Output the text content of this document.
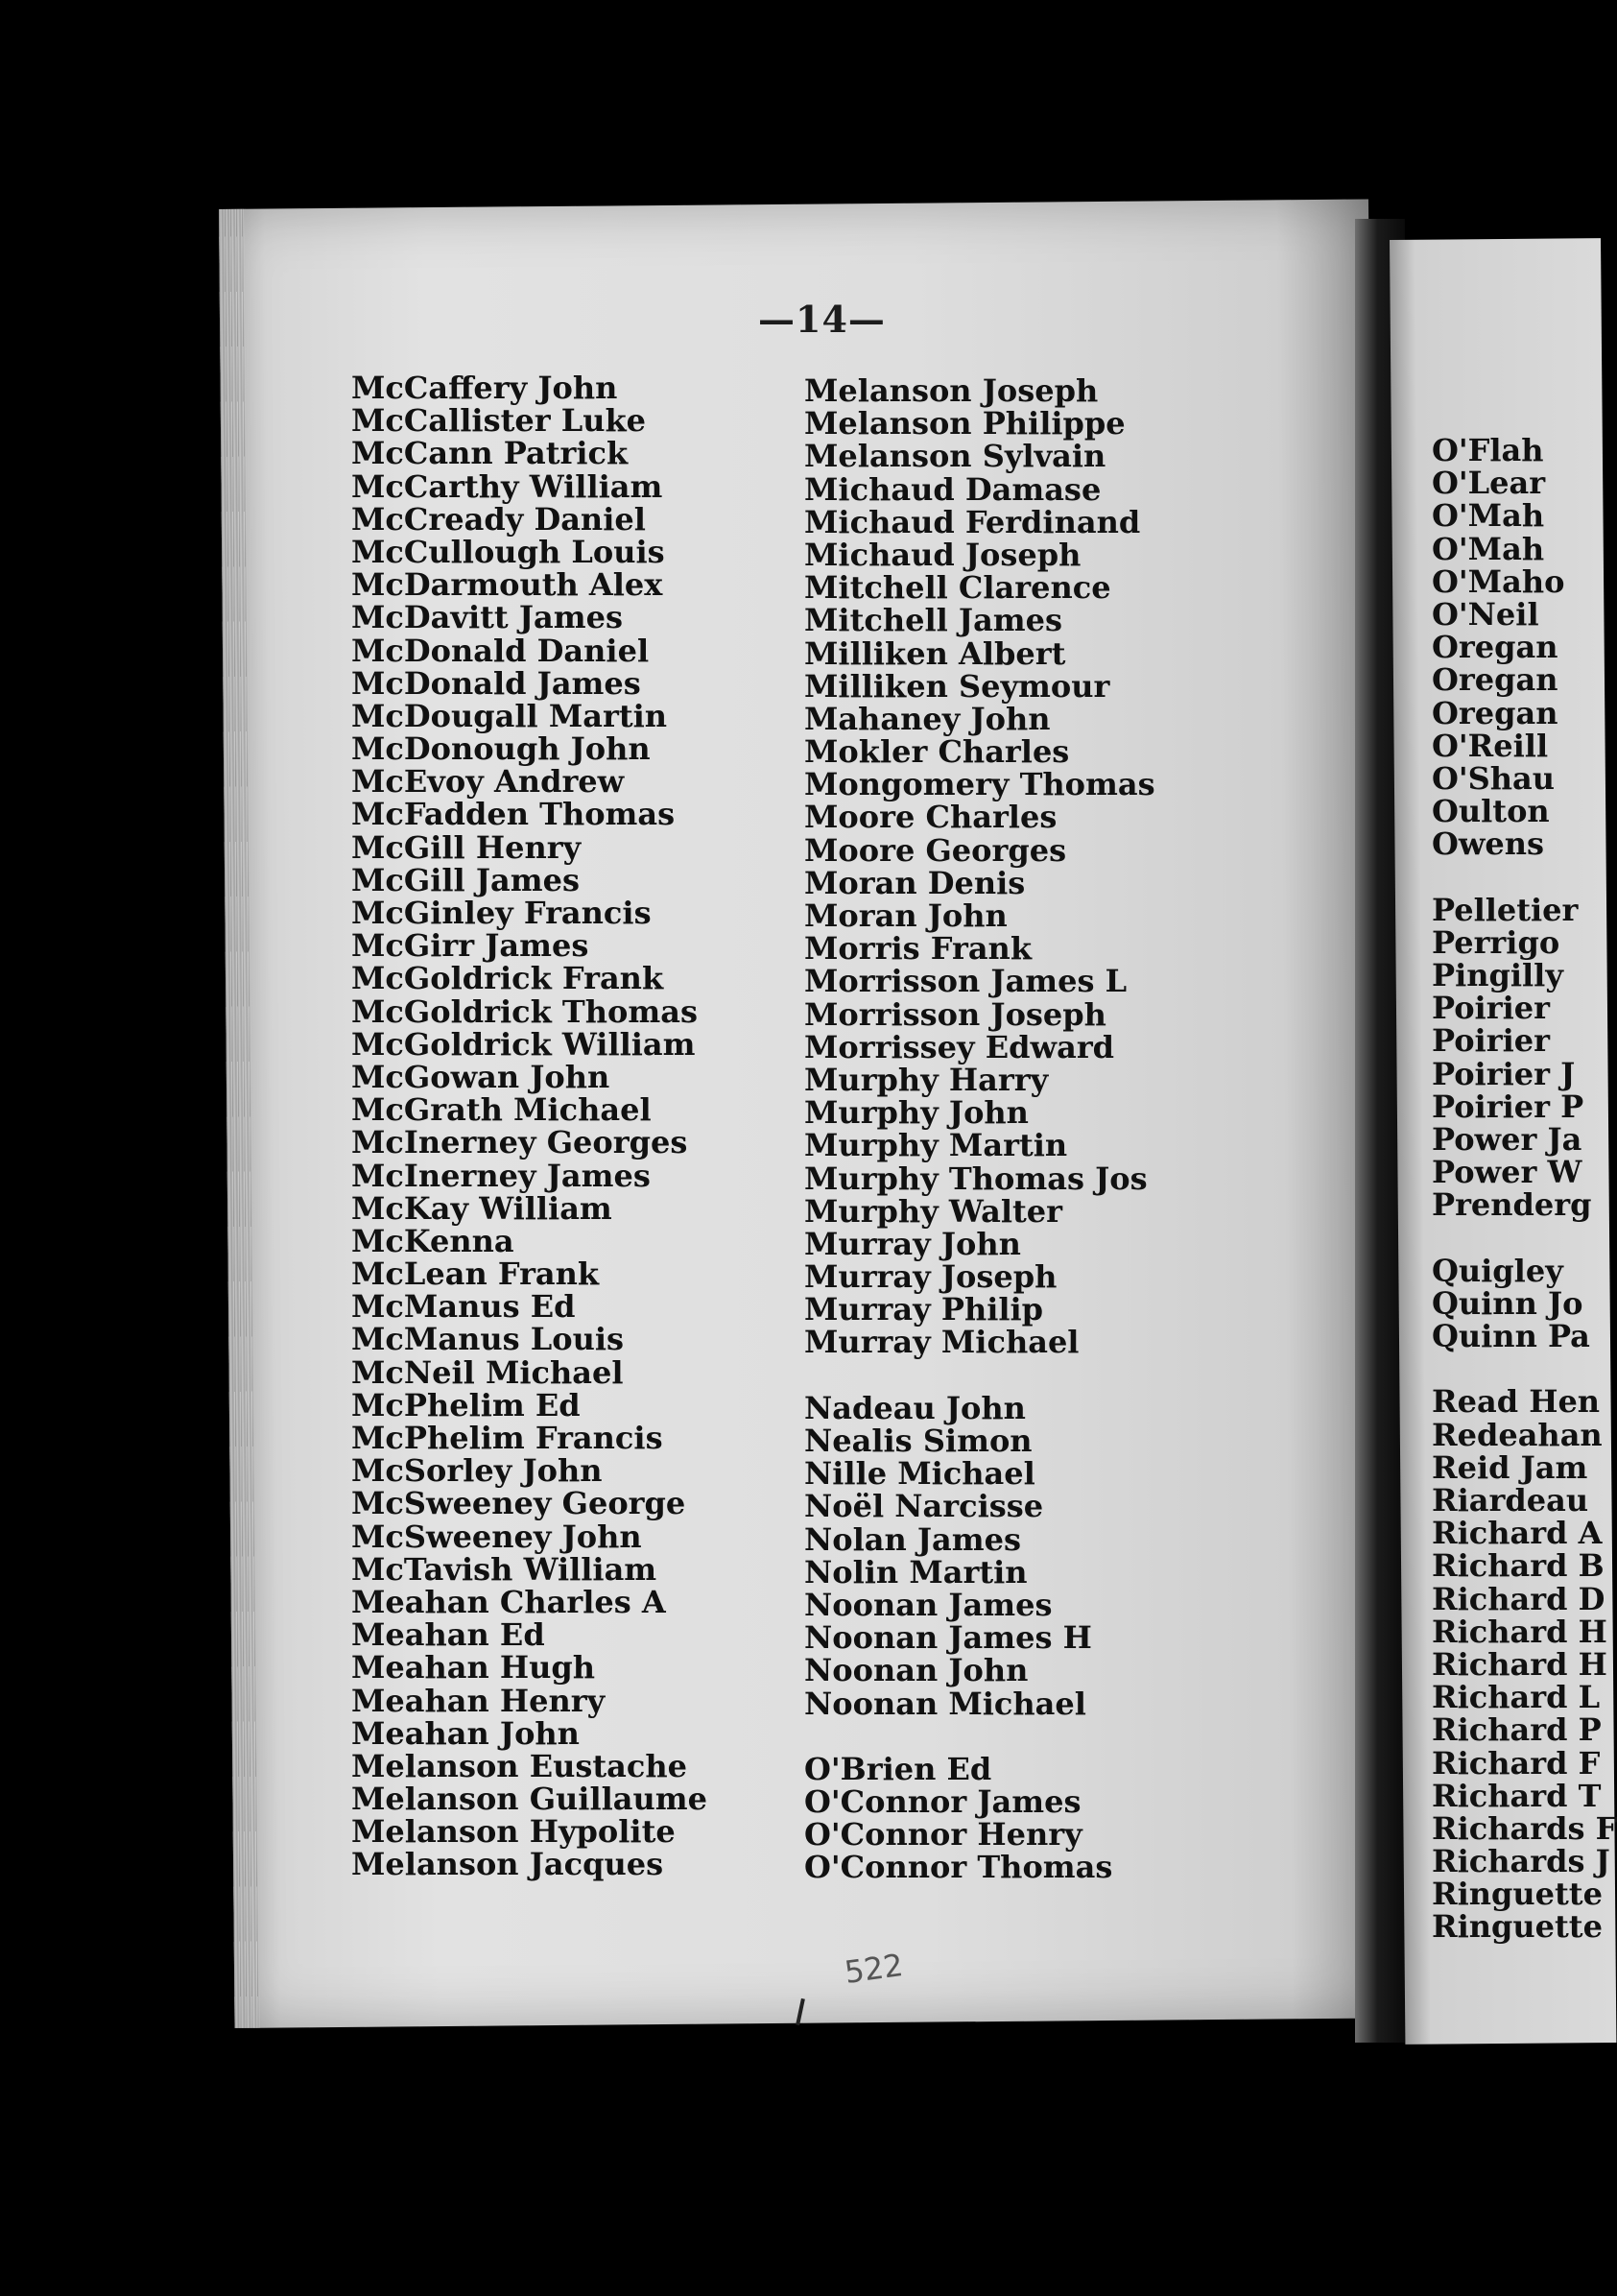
—14—
McCaffery John
McCallister Luke
McCann Patrick
McCarthy William
McCready Daniel
McCullough Louis
McDarmouth Alex
McDavitt James
McDonald Daniel
McDonald James
McDougall Martin
McDonough John
McEvoy Andrew
McFadden Thomas
McGill Henry
McGill James
McGinley Francis
McGirr James
McGoldrick Frank
McGoldrick Thomas
McGoldrick William
McGowan John
McGrath Michael
McInerney Georges
McInerney James
McKay William
McKenna
McLean Frank
McManus Ed
McManus Louis
McNeil Michael
McPhelim Ed
McPhelim Francis
McSorley John
McSweeney George
McSweeney John
McTavish William
Meahan Charles A
Meahan Ed
Meahan Hugh
Meahan Henry
Meahan John
Melanson Eustache
Melanson Guillaume
Melanson Hypolite
Melanson Jacques
Melanson Joseph
Melanson Philippe
Melanson Sylvain
Michaud Damase
Michaud Ferdinand
Michaud Joseph
Mitchell Clarence
Mitchell James
Milliken Albert
Milliken Seymour
Mahaney John
Mokler Charles
Mongomery Thomas
Moore Charles
Moore Georges
Moran Denis
Moran John
Morris Frank
Morrisson James L
Morrisson Joseph
Morrissey Edward
Murphy Harry
Murphy John
Murphy Martin
Murphy Thomas Jos
Murphy Walter
Murray John
Murray Joseph
Murray Philip
Murray Michael
Nadeau John
Nealis Simon
Nille Michael
Noël Narcisse
Nolan James
Nolin Martin
Noonan James
Noonan James H
Noonan John
Noonan Michael
O'Brien Ed
O'Connor James
O'Connor Henry
O'Connor Thomas
O'Flah
O'Lear
O'Mah
O'Mah
O'Maho
O'Neil
Oregan
Oregan
Oregan
O'Reill
O'Shau
Oulton
Owens
Pelletier
Perrigo
Pingilly
Poirier
Poirier
Poirier J
Poirier P
Power Ja
Power W
Prenderg
Quigley
Quinn Jo
Quinn Pa
Read Hen
Redeahan
Reid Jam
Riardeau
Richard A
Richard B
Richard D
Richard H
Richard H
Richard L
Richard P
Richard F
Richard T
Richards F
Richards J
Ringuette
Ringuette
522
